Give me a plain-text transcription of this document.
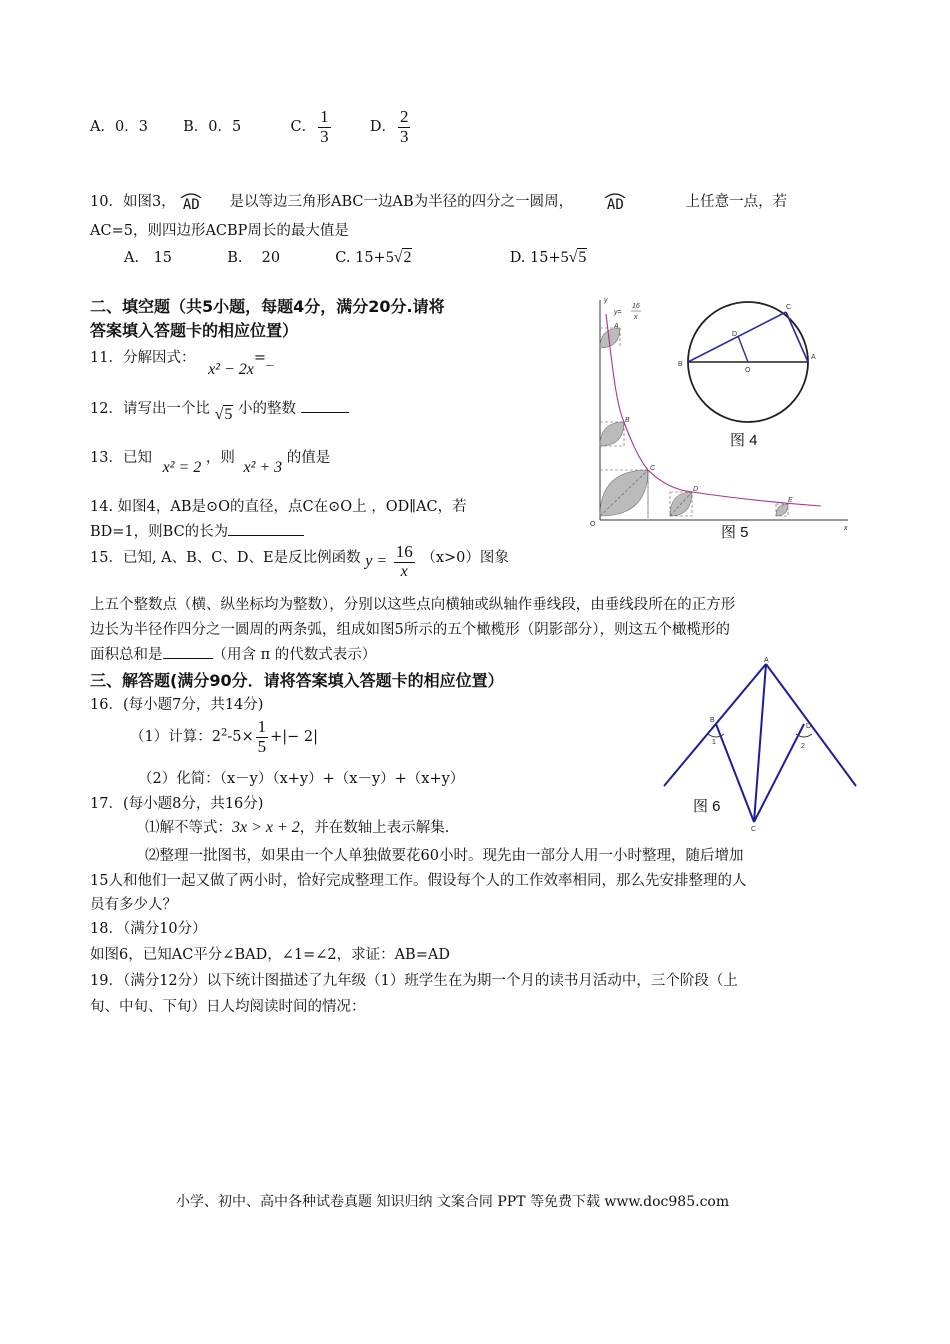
A．0．3 B．0．5	C． $\frac{1}{3}$	D． $\frac{2}{3}$
10．如图3， AD 是以等边三角形ABC一边AB为半径的四分之一圆周， AD	上任意一点，若
AC=5，则四边形ACBP周长的最大值是
A.　15	B.　 20	C. 15+5√2	D. 15+5√5
二、填空题（共5小题，每题4分，满分20分.请将
答案填入答题卡的相应位置）
11．分解因式： x² − 2x=_
12．请写出一个比 √5 小的整数
13．已知 x² = 2 ，则 x² + 3 的值是
14. 如图4，AB是⊙O的直径，点C在⊙O上 ，OD∥AC，若
BD=1，则BC的长为
15．已知, A、B、C、D、E是反比例函数 $y = \frac{16}{x} (x>0)$图象
上五个整数点（横、纵坐标均为整数），分别以这些点向横轴或纵轴作垂线段，由垂线段所在的正方形
边长为半径作四分之一圆周的两条弧，组成如图5所示的五个橄榄形（阴影部分），则这五个橄榄形的
面积总和是	（用含 π 的代数式表示）
三、解答题(满分90分．请将答案填入答题卡的相应位置）
16．(每小题7分，共14分)
（1）计算：$2^2-5\times \frac{1}{5}$ +|− 2|
（2）化简：（x－y）（x+y）+（x－y）+（x+y）
17．(每小题8分，共16分)
⑴解不等式：3x > x + 2，并在数轴上表示解集.
⑵整理一批图书，如果由一个人单独做要花60小时。现先由一部分人用一小时整理，随后增加
15人和他们一起又做了两小时，恰好完成整理工作。假设每个人的工作效率相同，那么先安排整理的人
员有多少人？
18．（满分10分）
如图6，已知AC平分∠BAD，∠1=∠2，求证：AB=AD
19．（满分12分）以下统计图描述了九年级（1）班学生在为期一个月的读书月活动中，三个阶段（上
旬、中旬、下旬）日人均阅读时间的情况：
y
x
O
y=
16
x
A
B
C
D
E
图 5
B
O
A
C
D
图 4
A
B
D
C
1
2
图 6
小学、初中、高中各种试卷真题 知识归纳 文案合同 PPT 等免费下载 www.doc985.com
